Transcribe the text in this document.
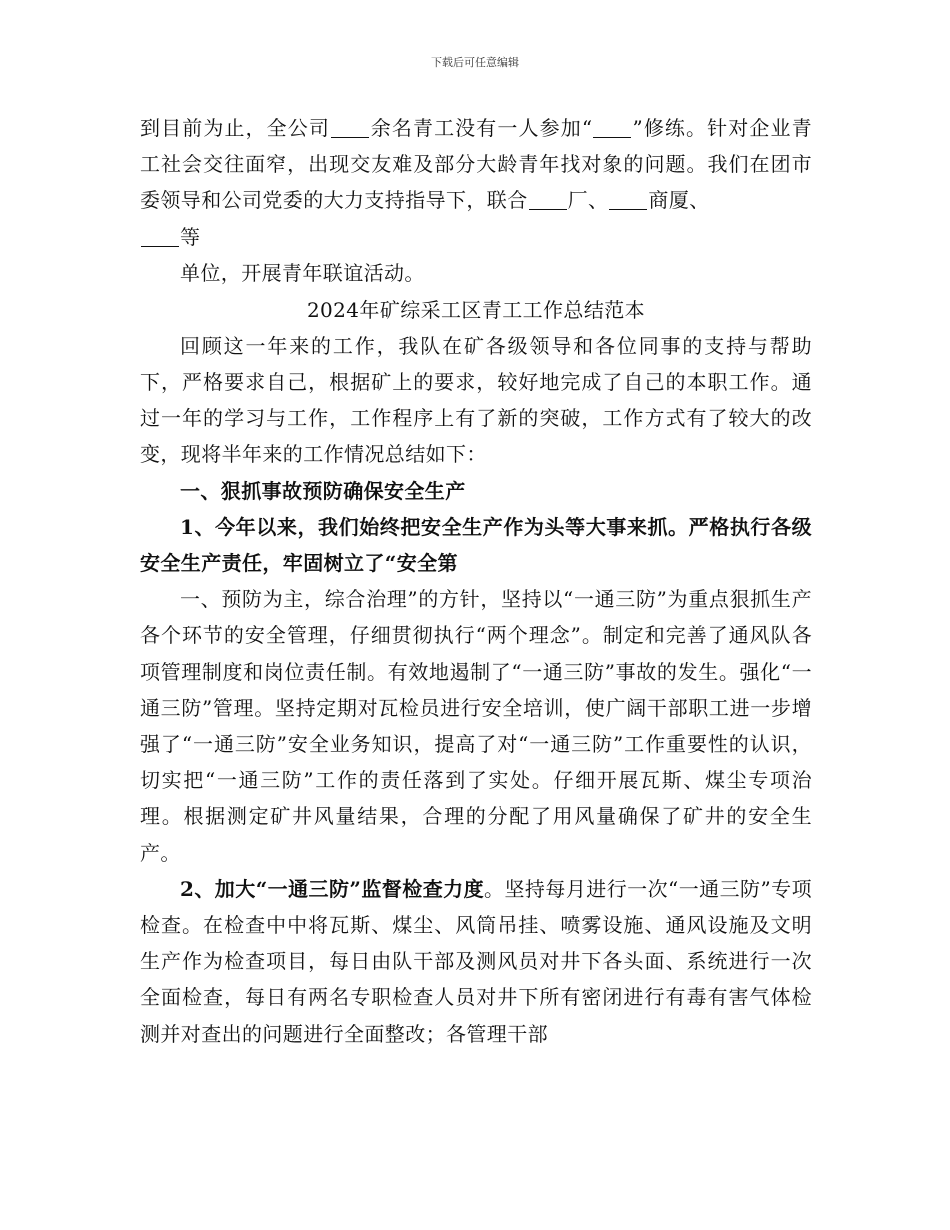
下载后可任意编辑

到目前为止，全公司 余名青工没有一人参加“ ”修练。针对企业青工社会交往面窄，出现交友难及部分大龄青年找对象的问题。我们在团市委领导和公司党委的大力支持指导下，联合 厂、 商厦、
等

单位，开展青年联谊活动。

2024年矿综采工区青工工作总结范本

回顾这一年来的工作，我队在矿各级领导和各位同事的支持与帮助下，严格要求自己，根据矿上的要求，较好地完成了自己的本职工作。通过一年的学习与工作，工作程序上有了新的突破，工作方式有了较大的改变，现将半年来的工作情况总结如下：

一、狠抓事故预防确保安全生产

1、今年以来，我们始终把安全生产作为头等大事来抓。严格执行各级安全生产责任，牢固树立了“安全第

一、预防为主，综合治理”的方针，坚持以“一通三防”为重点狠抓生产各个环节的安全管理，仔细贯彻执行“两个理念”。制定和完善了通风队各项管理制度和岗位责任制。有效地遏制了“一通三防”事故的发生。强化“一通三防”管理。坚持定期对瓦检员进行安全培训，使广阔干部职工进一步增强了“一通三防”安全业务知识，提高了对“一通三防”工作重要性的认识，切实把“一通三防”工作的责任落到了实处。仔细开展瓦斯、煤尘专项治理。根据测定矿井风量结果，合理的分配了用风量确保了矿井的安全生产。

2、加大“一通三防”监督检查力度。坚持每月进行一次“一通三防”专项检查。在检查中中将瓦斯、煤尘、风筒吊挂、喷雾设施、通风设施及文明生产作为检查项目，每日由队干部及测风员对井下各头面、系统进行一次全面检查，每日有两名专职检查人员对井下所有密闭进行有毒有害气体检测并对查出的问题进行全面整改；各管理干部
